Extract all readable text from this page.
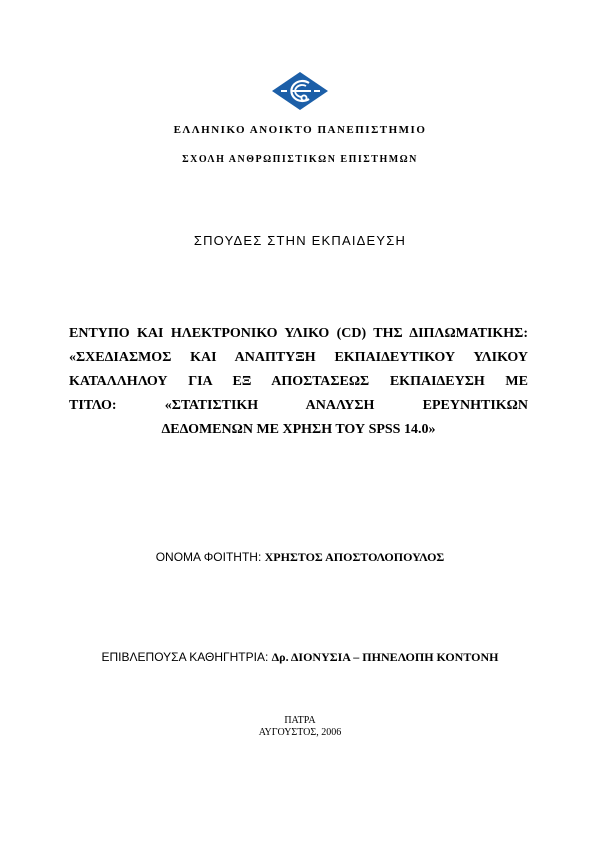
ΕΛΛΗΝΙΚΟ ΑΝΟΙΚΤΟ ΠΑΝΕΠΙΣΤΗΜΙΟ
ΣΧΟΛΗ ΑΝΘΡΩΠΙΣΤΙΚΩΝ ΕΠΙΣΤΗΜΩΝ
ΣΠΟΥΔΕΣ ΣΤΗΝ ΕΚΠΑΙΔΕΥΣΗ
ΕΝΤΥΠΟ ΚΑΙ ΗΛΕΚΤΡΟΝΙΚΟ ΥΛΙΚΟ (CD) ΤΗΣ ΔΙΠΛΩΜΑΤΙΚΗΣ:
«ΣΧΕΔΙΑΣΜΟΣ ΚΑΙ ΑΝΑΠΤΥΞΗ ΕΚΠΑΙΔΕΥΤΙΚΟΥ ΥΛΙΚΟΥ
ΚΑΤΑΛΛΗΛΟΥ ΓΙΑ ΕΞ ΑΠΟΣΤΑΣΕΩΣ ΕΚΠΑΙΔΕΥΣΗ ΜΕ
ΤΙΤΛΟ: «ΣΤΑΤΙΣΤΙΚΗ ΑΝΑΛΥΣΗ ΕΡΕΥΝΗΤΙΚΩΝ
ΔΕΔΟΜΕΝΩΝ ΜΕ ΧΡΗΣΗ ΤΟΥ SPSS 14.0»
ΟΝΟΜΑ ΦΟΙΤΗΤΗ: ΧΡΗΣΤΟΣ ΑΠΟΣΤΟΛΟΠΟΥΛΟΣ
ΕΠΙΒΛΕΠΟΥΣΑ ΚΑΘΗΓΗΤΡΙΑ: Δρ. ΔΙΟΝΥΣΙΑ – ΠΗΝΕΛΟΠΗ ΚΟΝΤΟΝΗ
ΠΑΤΡΑ
ΑΥΓΟΥΣΤΟΣ, 2006
